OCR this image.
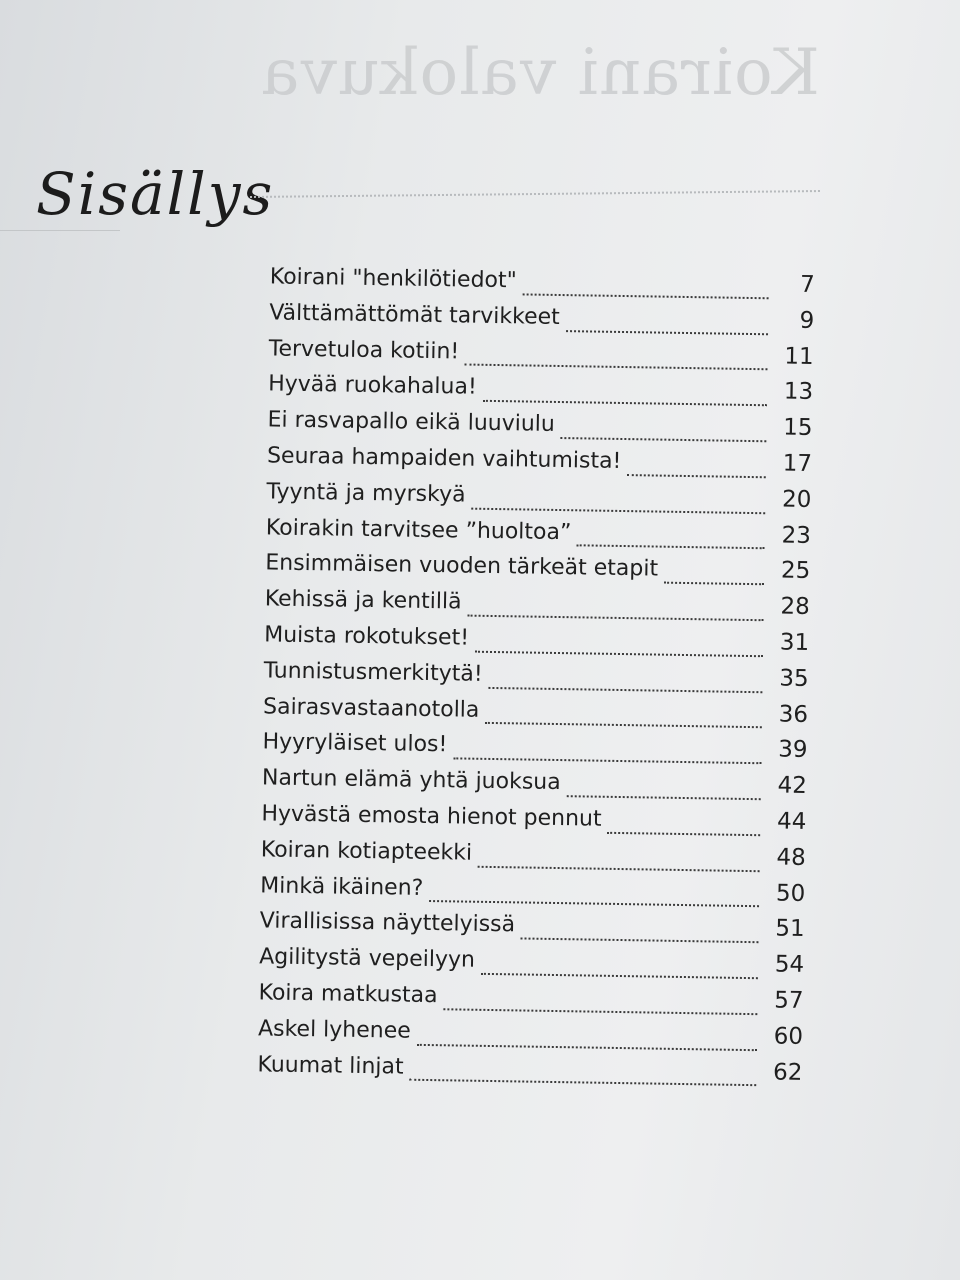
Koirani valokuva
Sisällys
Koirani "henkilötiedot"	7
Välttämättömät tarvikkeet	9
Tervetuloa kotiin!	11
Hyvää ruokahalua!	13
Ei rasvapallo eikä luuviulu	15
Seuraa hampaiden vaihtumista!	17
Tyyntä ja myrskyä	20
Koirakin tarvitsee ”huoltoa”	23
Ensimmäisen vuoden tärkeät etapit	25
Kehissä ja kentillä	28
Muista rokotukset!	31
Tunnistusmerkitytä!	35
Sairasvastaanotolla	36
Hyyryläiset ulos!	39
Nartun elämä yhtä juoksua	42
Hyvästä emosta hienot pennut	44
Koiran kotiapteekki	48
Minkä ikäinen?	50
Virallisissa näyttelyissä	51
Agilitystä vepeilyyn	54
Koira matkustaa	57
Askel lyhenee	60
Kuumat linjat	62
